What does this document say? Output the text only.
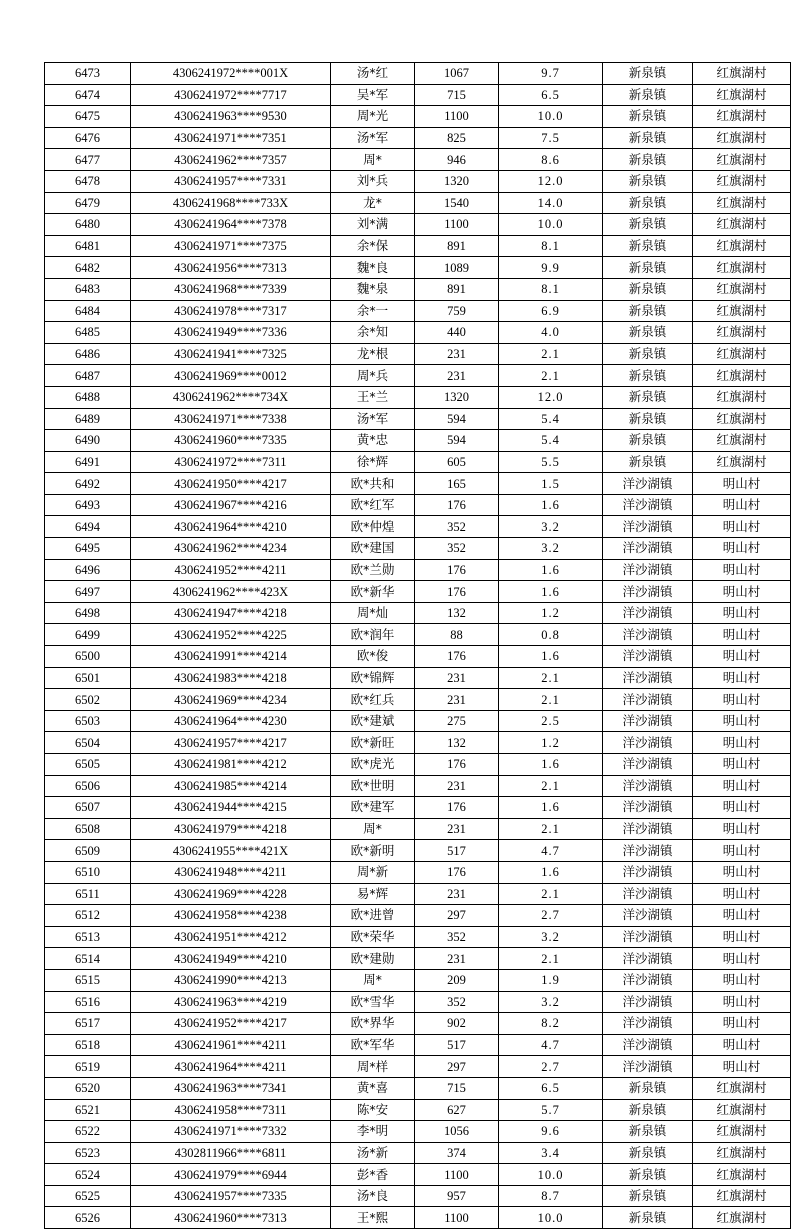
6473	4306241972****001X	汤*红	1067	9.7	新泉镇	红旗湖村
6474	4306241972****7717	吴*军	715	6.5	新泉镇	红旗湖村
6475	4306241963****9530	周*光	1100	10.0	新泉镇	红旗湖村
6476	4306241971****7351	汤*军	825	7.5	新泉镇	红旗湖村
6477	4306241962****7357	周*	946	8.6	新泉镇	红旗湖村
6478	4306241957****7331	刘*兵	1320	12.0	新泉镇	红旗湖村
6479	4306241968****733X	龙*	1540	14.0	新泉镇	红旗湖村
6480	4306241964****7378	刘*满	1100	10.0	新泉镇	红旗湖村
6481	4306241971****7375	余*保	891	8.1	新泉镇	红旗湖村
6482	4306241956****7313	魏*良	1089	9.9	新泉镇	红旗湖村
6483	4306241968****7339	魏*泉	891	8.1	新泉镇	红旗湖村
6484	4306241978****7317	余*一	759	6.9	新泉镇	红旗湖村
6485	4306241949****7336	余*知	440	4.0	新泉镇	红旗湖村
6486	4306241941****7325	龙*根	231	2.1	新泉镇	红旗湖村
6487	4306241969****0012	周*兵	231	2.1	新泉镇	红旗湖村
6488	4306241962****734X	王*兰	1320	12.0	新泉镇	红旗湖村
6489	4306241971****7338	汤*军	594	5.4	新泉镇	红旗湖村
6490	4306241960****7335	黄*忠	594	5.4	新泉镇	红旗湖村
6491	4306241972****7311	徐*辉	605	5.5	新泉镇	红旗湖村
6492	4306241950****4217	欧*共和	165	1.5	洋沙湖镇	明山村
6493	4306241967****4216	欧*红军	176	1.6	洋沙湖镇	明山村
6494	4306241964****4210	欧*仲煌	352	3.2	洋沙湖镇	明山村
6495	4306241962****4234	欧*建国	352	3.2	洋沙湖镇	明山村
6496	4306241952****4211	欧*兰勋	176	1.6	洋沙湖镇	明山村
6497	4306241962****423X	欧*新华	176	1.6	洋沙湖镇	明山村
6498	4306241947****4218	周*灿	132	1.2	洋沙湖镇	明山村
6499	4306241952****4225	欧*润年	88	0.8	洋沙湖镇	明山村
6500	4306241991****4214	欧*俊	176	1.6	洋沙湖镇	明山村
6501	4306241983****4218	欧*锦辉	231	2.1	洋沙湖镇	明山村
6502	4306241969****4234	欧*红兵	231	2.1	洋沙湖镇	明山村
6503	4306241964****4230	欧*建斌	275	2.5	洋沙湖镇	明山村
6504	4306241957****4217	欧*新旺	132	1.2	洋沙湖镇	明山村
6505	4306241981****4212	欧*虎光	176	1.6	洋沙湖镇	明山村
6506	4306241985****4214	欧*世明	231	2.1	洋沙湖镇	明山村
6507	4306241944****4215	欧*建军	176	1.6	洋沙湖镇	明山村
6508	4306241979****4218	周*	231	2.1	洋沙湖镇	明山村
6509	4306241955****421X	欧*新明	517	4.7	洋沙湖镇	明山村
6510	4306241948****4211	周*新	176	1.6	洋沙湖镇	明山村
6511	4306241969****4228	易*辉	231	2.1	洋沙湖镇	明山村
6512	4306241958****4238	欧*进曾	297	2.7	洋沙湖镇	明山村
6513	4306241951****4212	欧*荣华	352	3.2	洋沙湖镇	明山村
6514	4306241949****4210	欧*建勋	231	2.1	洋沙湖镇	明山村
6515	4306241990****4213	周*	209	1.9	洋沙湖镇	明山村
6516	4306241963****4219	欧*雪华	352	3.2	洋沙湖镇	明山村
6517	4306241952****4217	欧*界华	902	8.2	洋沙湖镇	明山村
6518	4306241961****4211	欧*军华	517	4.7	洋沙湖镇	明山村
6519	4306241964****4211	周*样	297	2.7	洋沙湖镇	明山村
6520	4306241963****7341	黄*喜	715	6.5	新泉镇	红旗湖村
6521	4306241958****7311	陈*安	627	5.7	新泉镇	红旗湖村
6522	4306241971****7332	李*明	1056	9.6	新泉镇	红旗湖村
6523	4302811966****6811	汤*新	374	3.4	新泉镇	红旗湖村
6524	4306241979****6944	彭*香	1100	10.0	新泉镇	红旗湖村
6525	4306241957****7335	汤*良	957	8.7	新泉镇	红旗湖村
6526	4306241960****7313	王*熙	1100	10.0	新泉镇	红旗湖村
